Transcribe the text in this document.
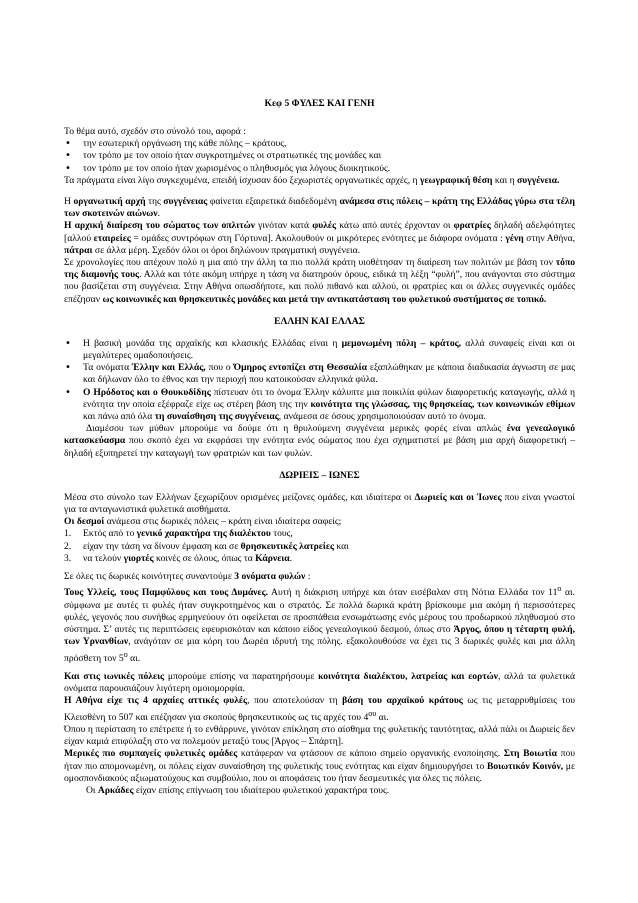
Κεφ 5 ΦΥΛΕΣ ΚΑΙ ΓΕΝΗ

Το θέμα αυτό, σχεδόν στο σύνολό του, αφορά :

• την εσωτερική οργάνωση της κάθε πόλης – κράτους,
• τον τρόπο με τον οποίο ήταν συγκροτημένες οι στρατιωτικές της μονάδες και
• τον τρόπο με τον οποίο ήταν χωρισμένος ο πληθυσμός για λόγους διοικητικούς.

Τα πράγματα είναι λίγο συγκεχυμένα, επειδή ίσχυσαν δύο ξεχωριστές οργανωτικές αρχές, η γεωγραφική θέση και η συγγένεια.

Η οργανωτική αρχή της συγγένειας φαίνεται εξαιρετικά διαδεδομένη ανάμεσα στις πόλεις – κράτη της Ελλάδας γύρω στα τέλη των σκοτεινών αιώνων.

Η αρχική διαίρεση του σώματος των οπλιτών γινόταν κατά φυλές κάτω από αυτές έρχονταν οι φρατρίες δηλαδή αδελφότητες [αλλού εταιρείες = ομάδες συντρόφων στη Γόρτυνα]. Ακολουθούν οι μικρότερες ενότητες με διάφορα ονόματα : γένη στην Αθήνα, πάτραι σε άλλα μέρη. Σχεδόν όλοι οι όροι δηλώνουν πραγματική συγγένεια.

Σε χρονολογίες που απέχουν πολύ η μια από την άλλη τα πιο πολλά κράτη υιοθέτησαν τη διαίρεση των πολιτών με βάση τον τόπο της διαμονής τους. Αλλά και τότε ακόμη υπήρχε η τάση να διατηρούν όρους, ειδικά τη λέξη “φυλή”, που ανάγονται στο σύστημα που βασίζεται στη συγγένεια. Στην Αθήνα οπωσδήποτε, και πολύ πιθανό και αλλού, οι φρατρίες και οι άλλες συγγενικές ομάδες επέζησαν ως κοινωνικές και θρησκευτικές μονάδες και μετά την αντικατάσταση του φυλετικού συστήματος σε τοπικό.

ΕΛΛΗΝ ΚΑΙ ΕΛΛΑΣ
• Η βασική μονάδα της αρχαϊκής και κλασικής Ελλάδας είναι η μεμονωμένη πόλη – κράτος, αλλά συναφείς είναι και οι μεγαλύτερες ομαδοποιήσεις.
• Τα ονόματα Έλλην και Ελλάς, που ο Όμηρος εντοπίζει στη Θεσσαλία εξαπλώθηκαν με κάποια διαδικασία άγνωστη σε μας και δήλωναν όλο το έθνος και την περιοχή που κατοικούσαν ελληνικά φύλα.
• Ο Ηρόδοτος και ο Θουκυδίδης πίστευαν ότι το όνομα Έλλην κάλυπτε μια ποικιλία φύλων διαφορετικής καταγωγής, αλλά η ενότητα την οποία εξέφραζε είχε ως στέρεη βάση της την κοινότητα της γλώσσας, της θρησκείας, των κοινωνικών εθίμων και πάνω από όλα τη συναίσθηση της συγγένειας, ανάμεσα σε όσους χρησιμοποιούσαν αυτό το όνομα.

Διαμέσου των μύθων μπορούμε να δούμε ότι η θρυλούμενη συγγένεια μερικές φορές είναι απλώς ένα γενεαλογικό κατασκεύασμα που σκοπό έχει να εκφράσει την ενότητα ενός σώματος που έχει σχηματιστεί με βάση μια αρχή διαφορετική – δηλαδή εξυπηρετεί την καταγωγή των φρατριών και των φυλών.

ΔΩΡΙΕΙΣ – ΙΩΝΕΣ

Μέσα στο σύνολο των Ελλήνων ξεχωρίζουν ορισμένες μείζονες ομάδες, και ιδιαίτερα οι Δωριείς και οι Ίωνες που είναι γνωστοί για τα ανταγωνιστικά φυλετικά αισθήματα.

Οι δεσμοί ανάμεσα στις δωρικές πόλεις – κράτη είναι ιδιαίτερα σαφείς;

1. Εκτός από το γενικό χαρακτήρα της διαλέκτου τους,
2. είχαν την τάση να δίνουν έμφαση και σε θρησκευτικές λατρείες και
3. να τελούν γιορτές κοινές σε όλους, όπως τα Κάρνεια.

Σε όλες τις δωρικές κοινότητες συναντούμε 3 ονόματα φυλών :

Τους Υλλείς, τους Παμφύλους και τους Δυμάνες. Αυτή η διάκριση υπήρχε και όταν εισέβαλαν στη Νότια Ελλάδα τον $11^o$ αι. σύμφωνα με αυτές τι φυλές ήταν συγκροτημένος και ο στρατός. Σε πολλά δωρικά κράτη βρίσκουμε μια ακόμη ή περισσότερες φυλές, γεγονός που συνήθως ερμηνεύουν ότι οφείλεται σε προσπάθεια ενσωμάτωσης ενός μέρους του προδωρικού πληθυσμού στο σύστημα. Σ’ αυτές τις περιπτώσεις εφευρισκόταν και κάποιο είδος γενεαλογικού δεσμού, όπως στο Άργος, όπου η τέταρτη φυλή, των Υρνανθίων, ανάγόταν σε μια κόρη του Δωρέα ιδρυτή της πόλης. εξακολουθούσε να έχει τις 3 δωρικές φυλές και μια άλλη πρόσθετη τον $5^o$ αι.

Και στις ιωνικές πόλεις μπορούμε επίσης να παρατηρήσουμε κοινότητα διαλέκτου, λατρείας και εορτών, αλλά τα φυλετικά ονόματα παρουσιάζουν λιγότερη ομοιομορφία.

Η Αθήνα είχε τις 4 αρχαίες αττικές φυλές, που αποτελούσαν τη βάση του αρχαϊκού κράτους ως τις μεταρρυθμίσεις του Κλεισθένη το 507 και επέζησαν για σκοπούς θρησκευτικούς ως τις αρχές του $4^{o\upsilon}$ αι.

Όπου η περίσταση το επέτρεπε ή το ενθάρρυνε, γινόταν επίκληση στο αίσθημα της φυλετικής ταυτότητας, αλλά πάλι οι Δωριείς δεν είχαν καμιά επιφύλαξη στο να πολεμούν μεταξύ τους [Άργος – Σπάρτη].

Μερικές πιο συμπαγείς φυλετικές ομάδες κατάφεραν να φτάσουν σε κάποιο σημείο οργανικής ενοποίησης. Στη Βοιωτία που ήταν πιο απομονωμένη, οι πόλεις είχαν συναίσθηση της φυλετικής τους ενότητας και είχαν δημιουργήσει το Βοιωτικόν Κοινόν, με ομοσπονδιακούς αξιωματούχους και συμβούλιο, που οι αποφάσεις του ήταν δεσμευτικές για όλες τις πόλεις.

Οι Αρκάδες είχαν επίσης επίγνωση του ιδιαίτερου φυλετικού χαρακτήρα τους.
